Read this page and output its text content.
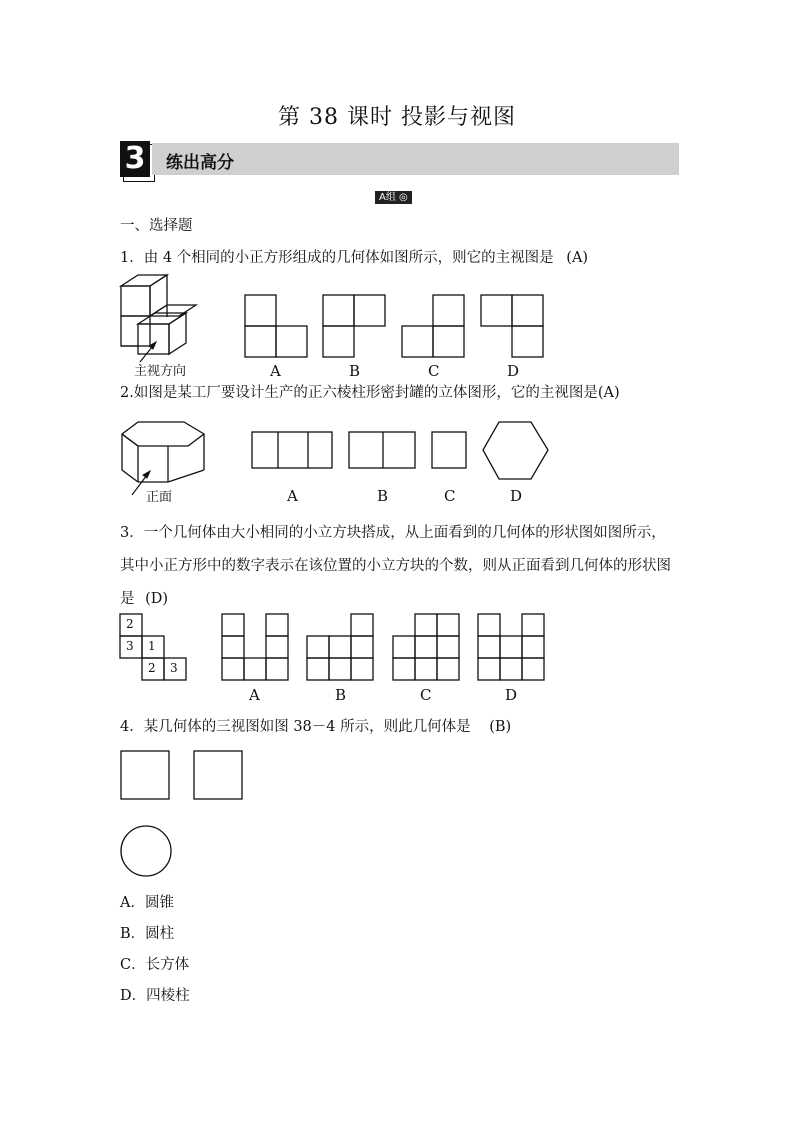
第 38 课时 投影与视图
3 练出高分
A组 ◎
一、选择题
1．由 4 个相同的小正方形组成的几何体如图所示，则它的主视图是 (A)
主视方向	A	B	C	D
2.如图是某工厂要设计生产的正六棱柱形密封罐的立体图形，它的主视图是(A)
正面	A	B	C	D
3．一个几何体由大小相同的小立方块搭成，从上面看到的几何体的形状图如图所示，其中小正方形中的数字表示在该位置的小立方块的个数，则从正面看到几何体的形状图是 (D)
2
3 1
2 3
A	B	C	D
4．某几何体的三视图如图 38－4 所示，则此几何体是 (B)
A．圆锥
B．圆柱
C．长方体
D．四棱柱
